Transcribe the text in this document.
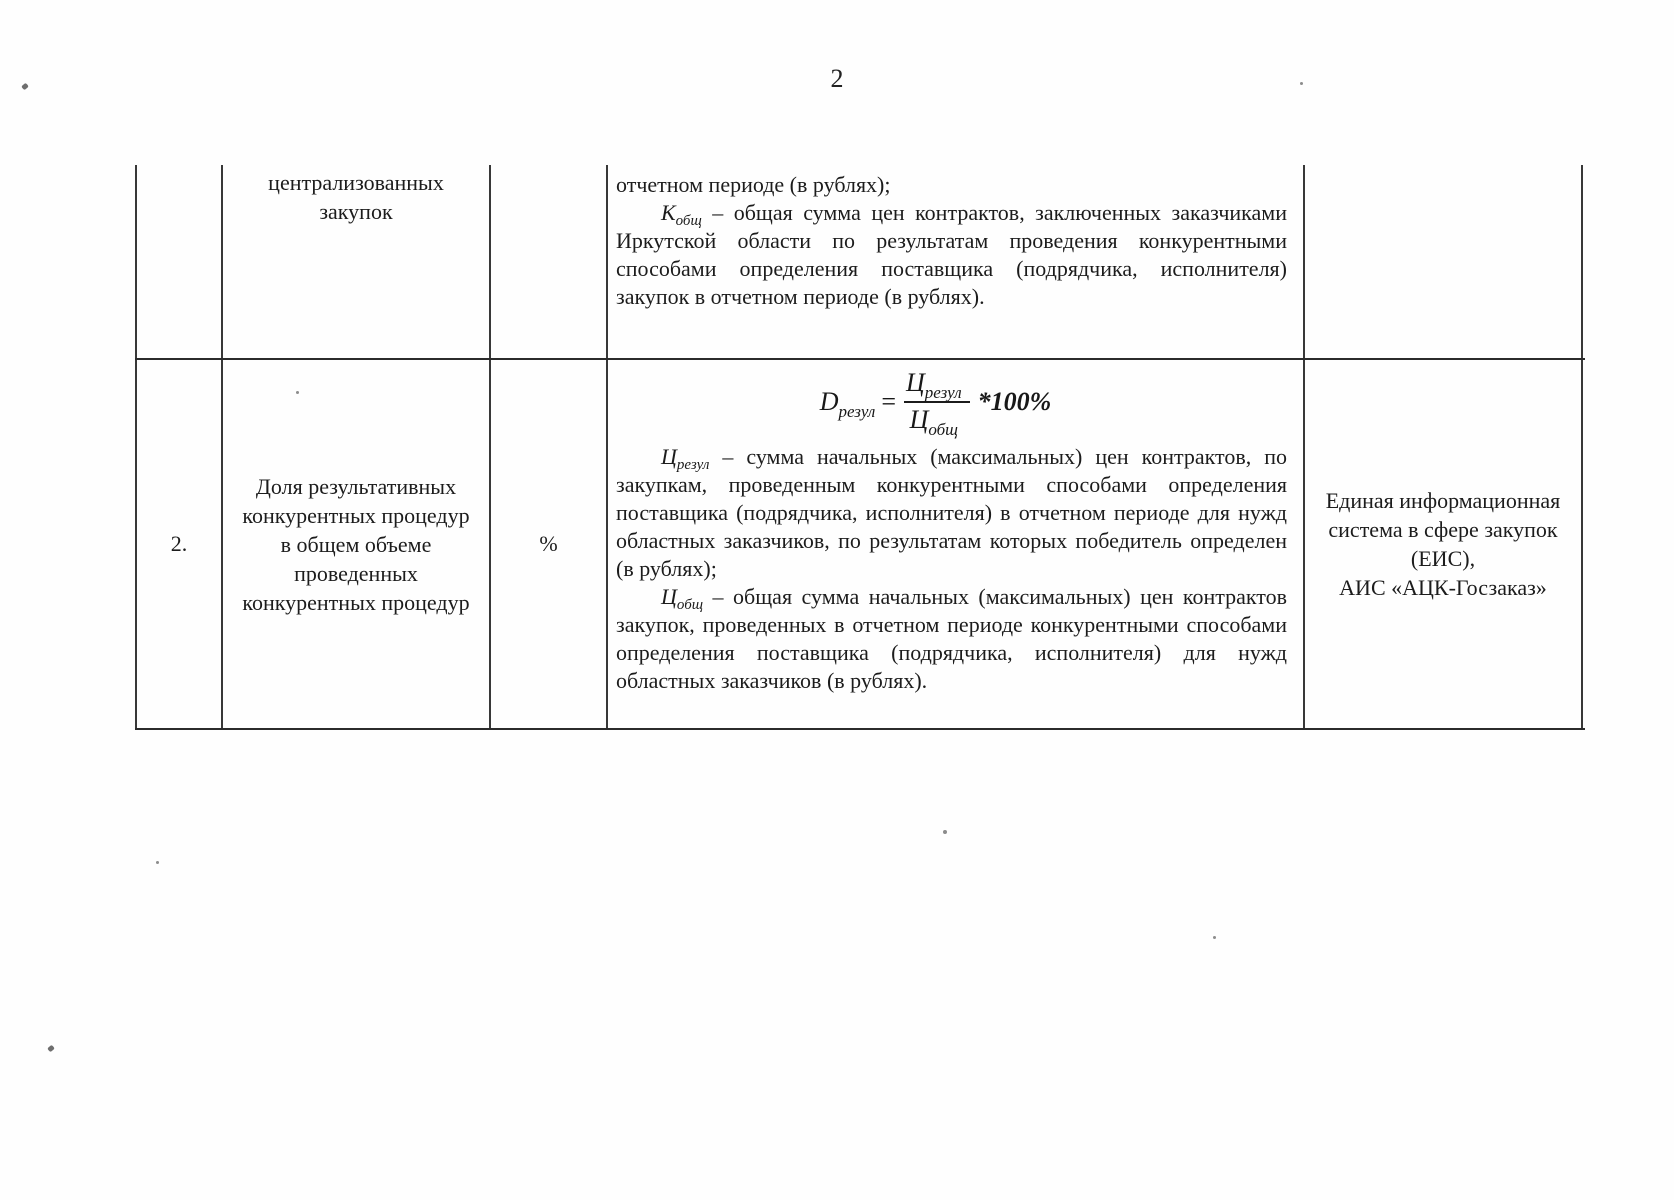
2
централизованных
закупок

отчетном периоде (в рублях);

$К_{общ}$ – общая сумма цен контрактов, заключенных заказчиками Иркутской области по результатам проведения конкурентными способами определения поставщика (подрядчика, исполнителя) закупок в отчетном периоде (в рублях).

2.
Доля результативных
конкурентных процедур
в общем объеме
проведенных
конкурентных процедур
%
$D_{резул} = \frac{Ц_{резул}}{Ц_{общ}} *100\%$

$Ц_{резул}$ – сумма начальных (максимальных) цен контрактов, по закупкам, проведенным конкурентными способами определения поставщика (подрядчика, исполнителя) в отчетном периоде для нужд областных заказчиков, по результатам которых победитель определен (в рублях);

$Ц_{общ}$ – общая сумма начальных (максимальных) цен контрактов закупок, проведенных в отчетном периоде конкурентными способами определения поставщика (подрядчика, исполнителя) для нужд областных заказчиков (в рублях).

Единая информационная
система в сфере закупок
(ЕИС),
АИС «АЦК-Госзаказ»
